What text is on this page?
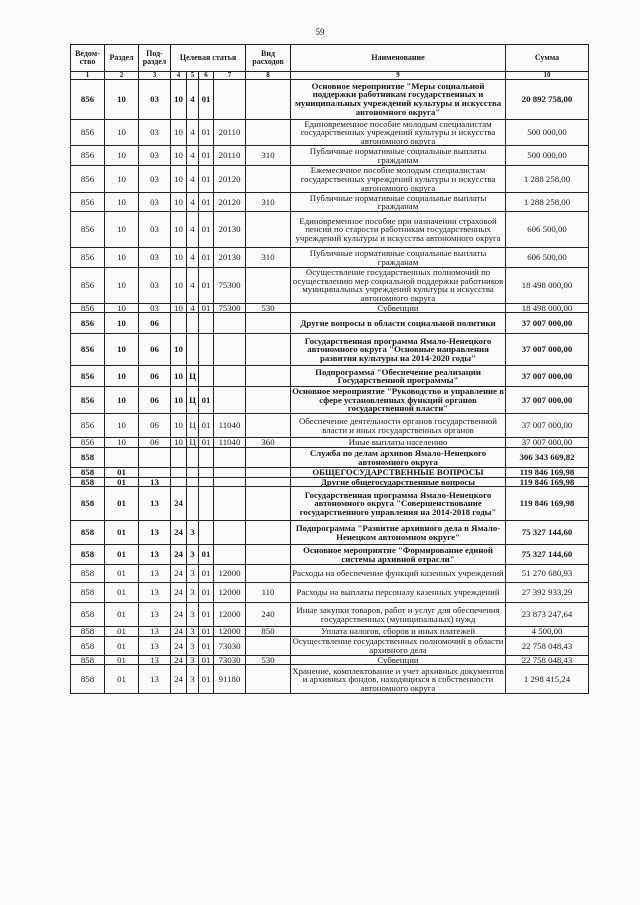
59
Ведом-ство	Раздел	Под-раздел	Целевая статья				Вид расходов	Наименование	Сумма
1	2	3	4	5	6	7	8	9	10
856	10	03	10	4	01			Основное мероприятие "Меры социальной поддержки работникам государственных и муниципальных учреждений культуры и искусства автономного округа"	20 892 758,00
856	10	03	10	4	01	20110		Единовременное пособие молодым специалистам государственных учреждений культуры и искусства автономного округа	500 000,00
856	10	03	10	4	01	20110	310	Публичные нормативные социальные выплаты гражданам	500 000,00
856	10	03	10	4	01	20120		Ежемесячное пособие молодым специалистам государственных учреждений культуры и искусства автономного округа	1 288 258,00
856	10	03	10	4	01	20120	310	Публичные нормативные социальные выплаты гражданам	1 288 258,00
856	10	03	10	4	01	20130		Единовременное пособие при назначении страховой пенсии по старости работникам государственных учреждений культуры и искусства автономного округа	606 500,00
856	10	03	10	4	01	20130	310	Публичные нормативные социальные выплаты гражданам	606 500,00
856	10	03	10	4	01	75300		Осуществление государственных полномочий по осуществлению мер социальной поддержки работников муниципальных учреждений культуры и искусства автономного округа	18 498 000,00
856	10	03	10	4	01	75300	530	Субвенции	18 498 000,00
856	10	06						Другие вопросы в области социальной политики	37 007 000,00
856	10	06	10					Государственная программа Ямало-Ненецкого автономного округа "Основные направления развития культуры на 2014-2020 годы"	37 007 000,00
856	10	06	10	Ц				Подпрограмма "Обеспечение реализации Государственной программы"	37 007 000,00
856	10	06	10	Ц	01			Основное мероприятие "Руководство и управление в сфере установленных функций органов государственной власти"	37 007 000,00
856	10	06	10	Ц	01	11040		Обеспечение деятельности органов государственной власти и иных государственных органов	37 007 000,00
856	10	06	10	Ц	01	11040	360	Иные выплаты населению	37 007 000,00
858								Служба по делам архивов Ямало-Ненецкого автономного округа	306 343 669,82
858	01							ОБЩЕГОСУДАРСТВЕННЫЕ ВОПРОСЫ	119 846 169,98
858	01	13						Другие общегосударственные вопросы	119 846 169,98
858	01	13	24					Государственная программа Ямало-Ненецкого автономного округа "Совершенствование государственного управления на 2014-2018 годы"	119 846 169,98
858	01	13	24	3				Подпрограмма "Развитие архивного дела в Ямало-Ненецком автономном округе"	75 327 144,60
858	01	13	24	3	01			Основное мероприятие "Формирование единой системы архивной отрасли"	75 327 144,60
858	01	13	24	3	01	12000		Расходы на обеспечение функций казенных учреждений	51 270 680,93
858	01	13	24	3	01	12000	110	Расходы на выплаты персоналу казенных учреждений	27 392 933,29
858	01	13	24	3	01	12000	240	Иные закупки товаров, работ и услуг для обеспечения государственных (муниципальных) нужд	23 873 247,64
858	01	13	24	3	01	12000	850	Уплата налогов, сборов и иных платежей	4 500,00
858	01	13	24	3	01	73030		Осуществление государственных полномочий в области архивного дела	22 758 048,43
858	01	13	24	3	01	73030	530	Субвенции	22 758 048,43
858	01	13	24	3	01	91180		Хранение, комплектование и учет архивных документов и архивных фондов, находящихся в собственности автономного округа	1 298 415,24
